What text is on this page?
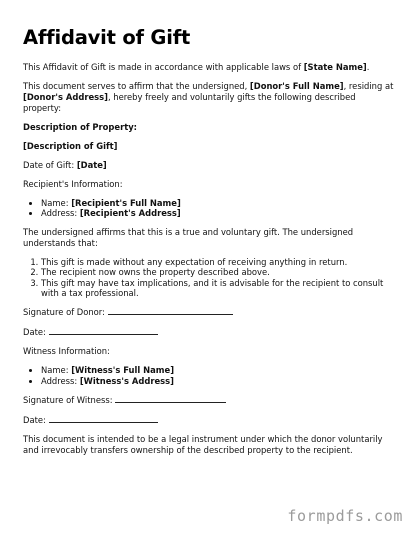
Affidavit of Gift

This Affidavit of Gift is made in accordance with applicable laws of [State Name].

This document serves to affirm that the undersigned, [Donor's Full Name], residing at [Donor's Address], hereby freely and voluntarily gifts the following described property:

Description of Property:

[Description of Gift]

Date of Gift: [Date]

Recipient's Information:

• Name: [Recipient's Full Name]
• Address: [Recipient's Address]

The undersigned affirms that this is a true and voluntary gift. The undersigned understands that:

1. This gift is made without any expectation of receiving anything in return.
2. The recipient now owns the property described above.
3. This gift may have tax implications, and it is advisable for the recipient to consult with a tax professional.

Signature of Donor:

Date:

Witness Information:

• Name: [Witness's Full Name]
• Address: [Witness's Address]

Signature of Witness:

Date:

This document is intended to be a legal instrument under which the donor voluntarily and irrevocably transfers ownership of the described property to the recipient.

formpdfs.com
